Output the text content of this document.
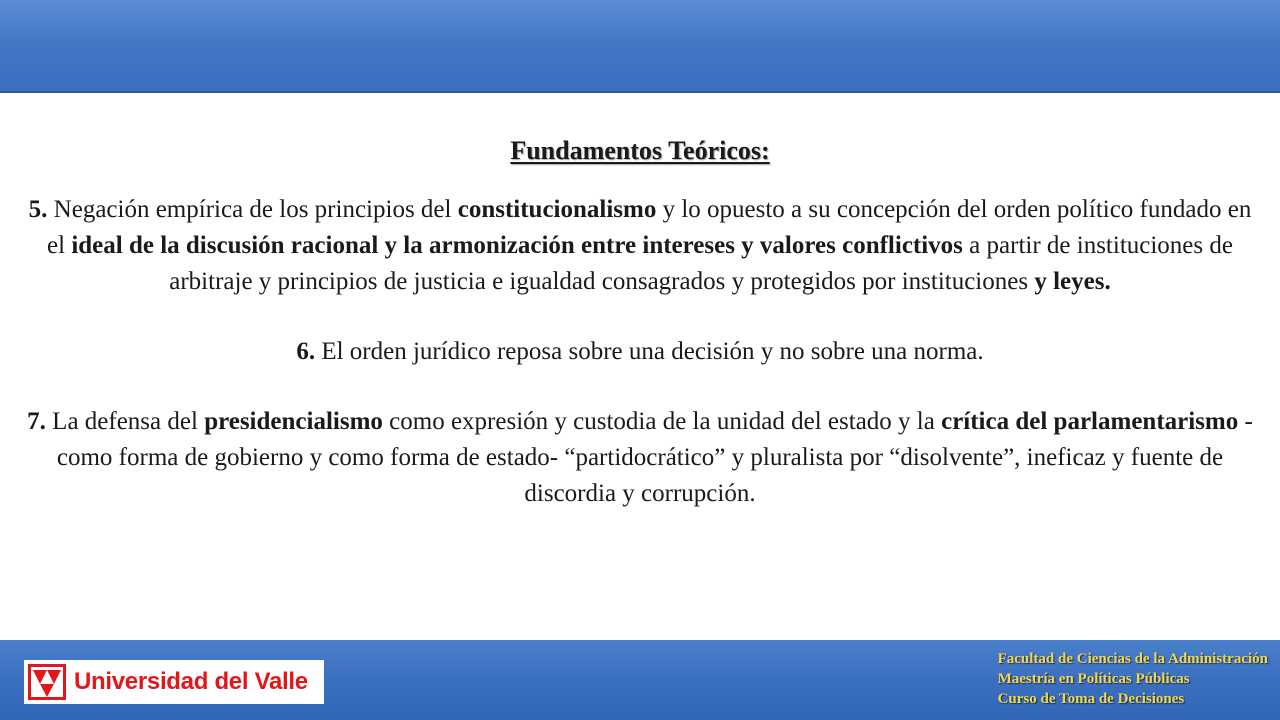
Fundamentos Teóricos:

5. Negación empírica de los principios del constitucionalismo y lo opuesto a su concepción del orden político fundado en el ideal de la discusión racional y la armonización entre intereses y valores conflictivos a partir de instituciones de arbitraje y principios de justicia e igualdad consagrados y protegidos por instituciones y leyes.

6. El orden jurídico reposa sobre una decisión y no sobre una norma.

7. La defensa del presidencialismo como expresión y custodia de la unidad del estado y la crítica del parlamentarismo -como forma de gobierno y como forma de estado- “partidocrático” y pluralista por “disolvente”, ineficaz y fuente de discordia y corrupción.

Universidad del Valle
Facultad de Ciencias de la Administración
Maestría en Políticas Públicas
Curso de Toma de Decisiones
